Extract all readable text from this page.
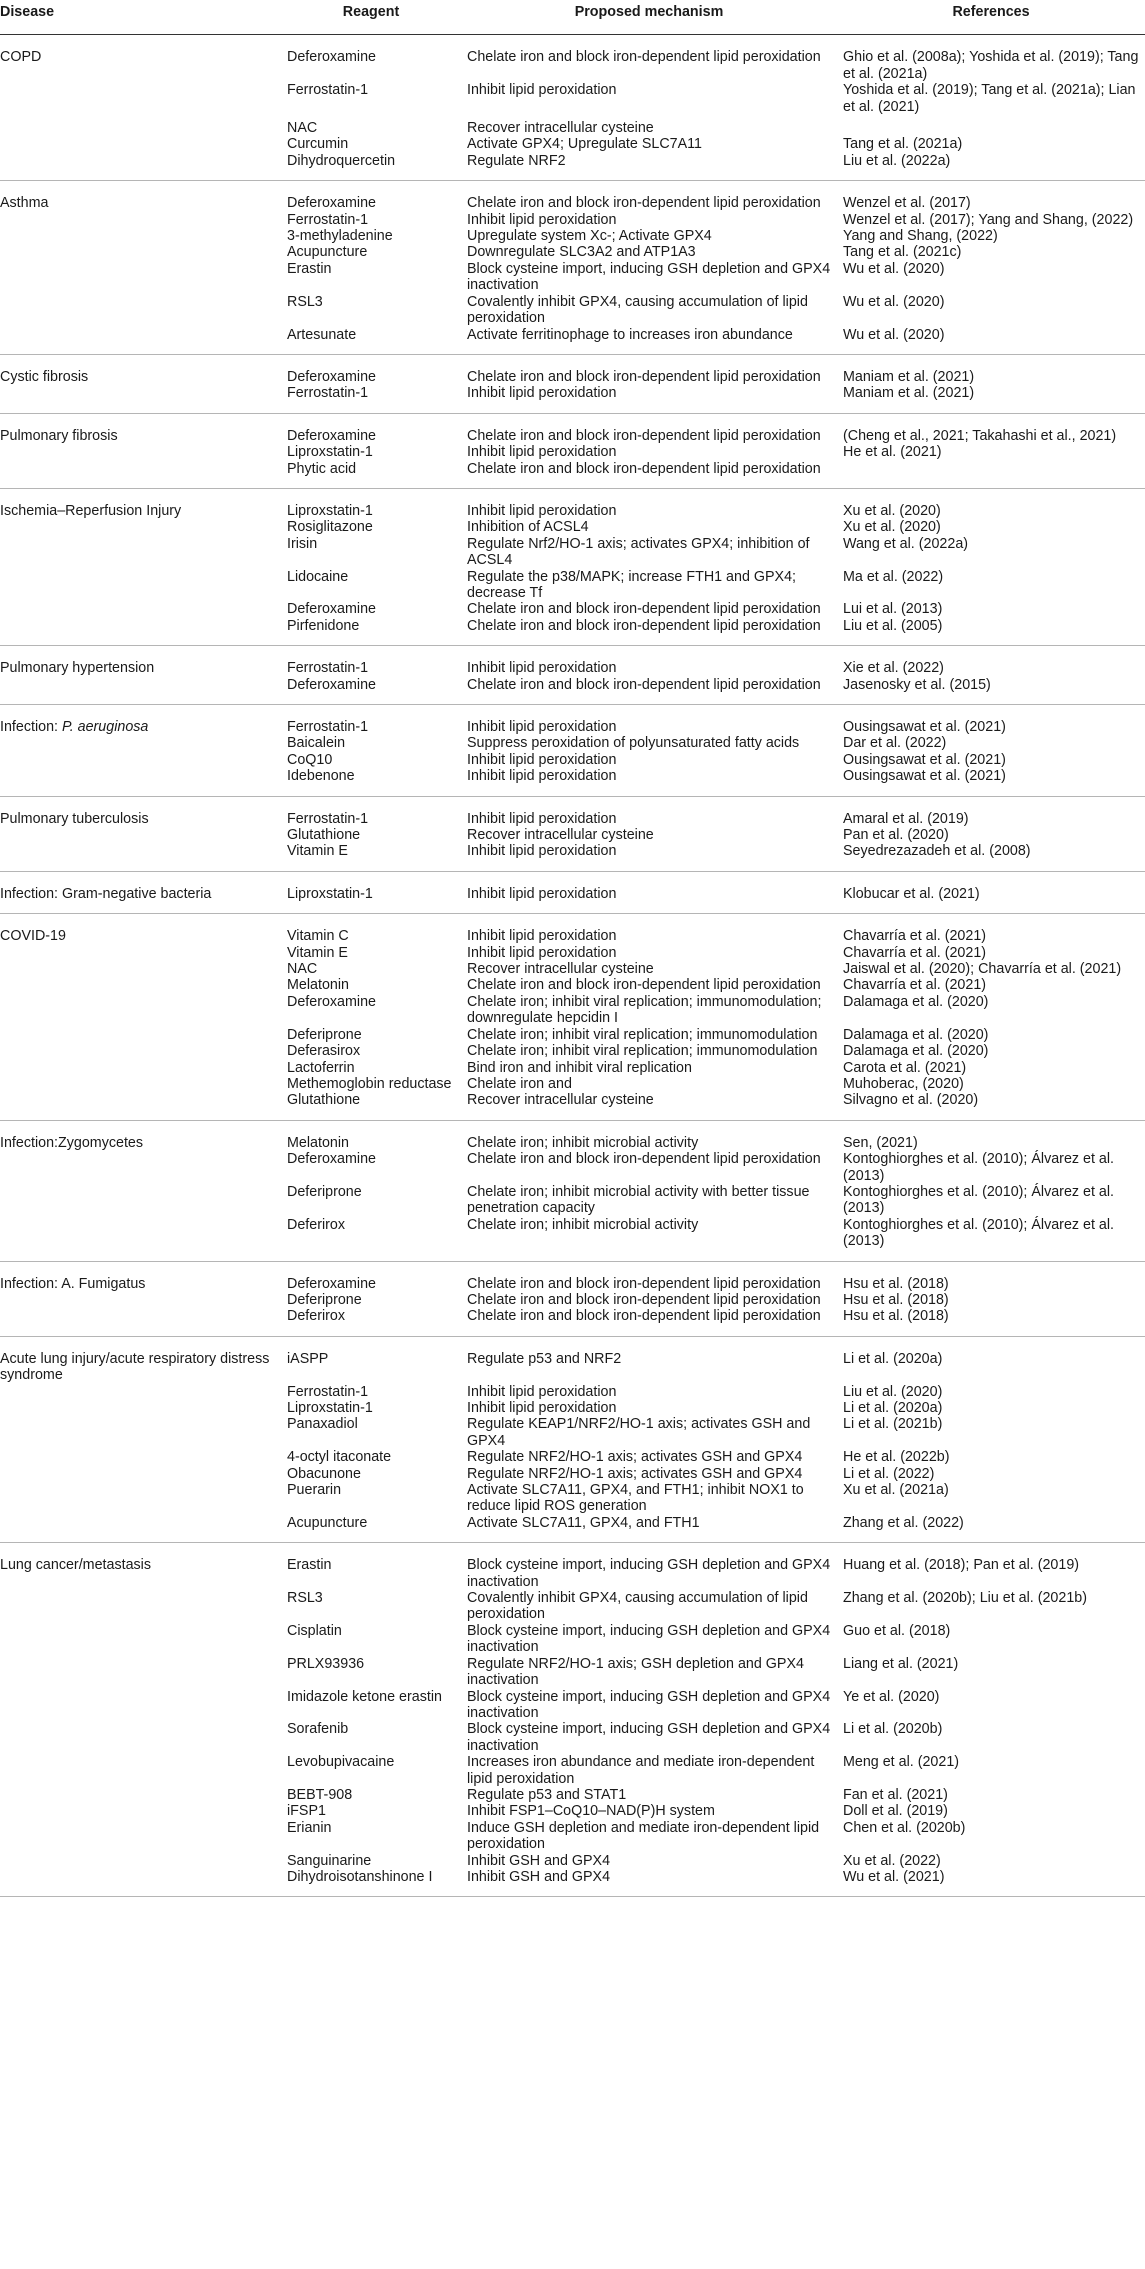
Disease	Reagent	Proposed mechanism	References
COPD	Deferoxamine	Chelate iron and block iron-dependent lipid peroxidation	Ghio et al. (2008a); Yoshida et al. (2019); Tang et al. (2021a)
	Ferrostatin-1	Inhibit lipid peroxidation	Yoshida et al. (2019); Tang et al. (2021a); Lian et al. (2021)
	NAC	Recover intracellular cysteine	
	Curcumin	Activate GPX4; Upregulate SLC7A11	Tang et al. (2021a)
	Dihydroquercetin	Regulate NRF2	Liu et al. (2022a)
Asthma	Deferoxamine	Chelate iron and block iron-dependent lipid peroxidation	Wenzel et al. (2017)
	Ferrostatin-1	Inhibit lipid peroxidation	Wenzel et al. (2017); Yang and Shang, (2022)
	3-methyladenine	Upregulate system Xc-; Activate GPX4	Yang and Shang, (2022)
	Acupuncture	Downregulate SLC3A2 and ATP1A3	Tang et al. (2021c)
	Erastin	Block cysteine import, inducing GSH depletion and GPX4 inactivation	Wu et al. (2020)
	RSL3	Covalently inhibit GPX4, causing accumulation of lipid peroxidation	Wu et al. (2020)
	Artesunate	Activate ferritinophage to increases iron abundance	Wu et al. (2020)
Cystic fibrosis	Deferoxamine	Chelate iron and block iron-dependent lipid peroxidation	Maniam et al. (2021)
	Ferrostatin-1	Inhibit lipid peroxidation	Maniam et al. (2021)
Pulmonary fibrosis	Deferoxamine	Chelate iron and block iron-dependent lipid peroxidation	(Cheng et al., 2021; Takahashi et al., 2021)
	Liproxstatin-1	Inhibit lipid peroxidation	He et al. (2021)
	Phytic acid	Chelate iron and block iron-dependent lipid peroxidation	
Ischemia–Reperfusion Injury	Liproxstatin-1	Inhibit lipid peroxidation	Xu et al. (2020)
	Rosiglitazone	Inhibition of ACSL4	Xu et al. (2020)
	Irisin	Regulate Nrf2/HO-1 axis; activates GPX4; inhibition of ACSL4	Wang et al. (2022a)
	Lidocaine	Regulate the p38/MAPK; increase FTH1 and GPX4; decrease Tf	Ma et al. (2022)
	Deferoxamine	Chelate iron and block iron-dependent lipid peroxidation	Lui et al. (2013)
	Pirfenidone	Chelate iron and block iron-dependent lipid peroxidation	Liu et al. (2005)
Pulmonary hypertension	Ferrostatin-1	Inhibit lipid peroxidation	Xie et al. (2022)
	Deferoxamine	Chelate iron and block iron-dependent lipid peroxidation	Jasenosky et al. (2015)
Infection: P. aeruginosa	Ferrostatin-1	Inhibit lipid peroxidation	Ousingsawat et al. (2021)
	Baicalein	Suppress peroxidation of polyunsaturated fatty acids	Dar et al. (2022)
	CoQ10	Inhibit lipid peroxidation	Ousingsawat et al. (2021)
	Idebenone	Inhibit lipid peroxidation	Ousingsawat et al. (2021)
Pulmonary tuberculosis	Ferrostatin-1	Inhibit lipid peroxidation	Amaral et al. (2019)
	Glutathione	Recover intracellular cysteine	Pan et al. (2020)
	Vitamin E	Inhibit lipid peroxidation	Seyedrezazadeh et al. (2008)
Infection: Gram-negative bacteria	Liproxstatin-1	Inhibit lipid peroxidation	Klobucar et al. (2021)
COVID-19	Vitamin C	Inhibit lipid peroxidation	Chavarría et al. (2021)
	Vitamin E	Inhibit lipid peroxidation	Chavarría et al. (2021)
	NAC	Recover intracellular cysteine	Jaiswal et al. (2020); Chavarría et al. (2021)
	Melatonin	Chelate iron and block iron-dependent lipid peroxidation	Chavarría et al. (2021)
	Deferoxamine	Chelate iron; inhibit viral replication; immunomodulation; downregulate hepcidin I	Dalamaga et al. (2020)
	Deferiprone	Chelate iron; inhibit viral replication; immunomodulation	Dalamaga et al. (2020)
	Deferasirox	Chelate iron; inhibit viral replication; immunomodulation	Dalamaga et al. (2020)
	Lactoferrin	Bind iron and inhibit viral replication	Carota et al. (2021)
	Methemoglobin reductase	Chelate iron and	Muhoberac, (2020)
	Glutathione	Recover intracellular cysteine	Silvagno et al. (2020)
Infection:Zygomycetes	Melatonin	Chelate iron; inhibit microbial activity	Sen, (2021)
	Deferoxamine	Chelate iron and block iron-dependent lipid peroxidation	Kontoghiorghes et al. (2010); Álvarez et al. (2013)
	Deferiprone	Chelate iron; inhibit microbial activity with better tissue penetration capacity	Kontoghiorghes et al. (2010); Álvarez et al. (2013)
	Deferirox	Chelate iron; inhibit microbial activity	Kontoghiorghes et al. (2010); Álvarez et al. (2013)
Infection: A. Fumigatus	Deferoxamine	Chelate iron and block iron-dependent lipid peroxidation	Hsu et al. (2018)
	Deferiprone	Chelate iron and block iron-dependent lipid peroxidation	Hsu et al. (2018)
	Deferirox	Chelate iron and block iron-dependent lipid peroxidation	Hsu et al. (2018)
Acute lung injury/acute respiratory distress syndrome	iASPP	Regulate p53 and NRF2	Li et al. (2020a)
	Ferrostatin-1	Inhibit lipid peroxidation	Liu et al. (2020)
	Liproxstatin-1	Inhibit lipid peroxidation	Li et al. (2020a)
	Panaxadiol	Regulate KEAP1/NRF2/HO-1 axis; activates GSH and GPX4	Li et al. (2021b)
	4-octyl itaconate	Regulate NRF2/HO-1 axis; activates GSH and GPX4	He et al. (2022b)
	Obacunone	Regulate NRF2/HO-1 axis; activates GSH and GPX4	Li et al. (2022)
	Puerarin	Activate SLC7A11, GPX4, and FTH1; inhibit NOX1 to reduce lipid ROS generation	Xu et al. (2021a)
	Acupuncture	Activate SLC7A11, GPX4, and FTH1	Zhang et al. (2022)
Lung cancer/metastasis	Erastin	Block cysteine import, inducing GSH depletion and GPX4 inactivation	Huang et al. (2018); Pan et al. (2019)
	RSL3	Covalently inhibit GPX4, causing accumulation of lipid peroxidation	Zhang et al. (2020b); Liu et al. (2021b)
	Cisplatin	Block cysteine import, inducing GSH depletion and GPX4 inactivation	Guo et al. (2018)
	PRLX93936	Regulate NRF2/HO-1 axis; GSH depletion and GPX4 inactivation	Liang et al. (2021)
	Imidazole ketone erastin	Block cysteine import, inducing GSH depletion and GPX4 inactivation	Ye et al. (2020)
	Sorafenib	Block cysteine import, inducing GSH depletion and GPX4 inactivation	Li et al. (2020b)
	Levobupivacaine	Increases iron abundance and mediate iron-dependent lipid peroxidation	Meng et al. (2021)
	BEBT-908	Regulate p53 and STAT1	Fan et al. (2021)
	iFSP1	Inhibit FSP1–CoQ10–NAD(P)H system	Doll et al. (2019)
	Erianin	Induce GSH depletion and mediate iron-dependent lipid peroxidation	Chen et al. (2020b)
	Sanguinarine	Inhibit GSH and GPX4	Xu et al. (2022)
	Dihydroisotanshinone I	Inhibit GSH and GPX4	Wu et al. (2021)
